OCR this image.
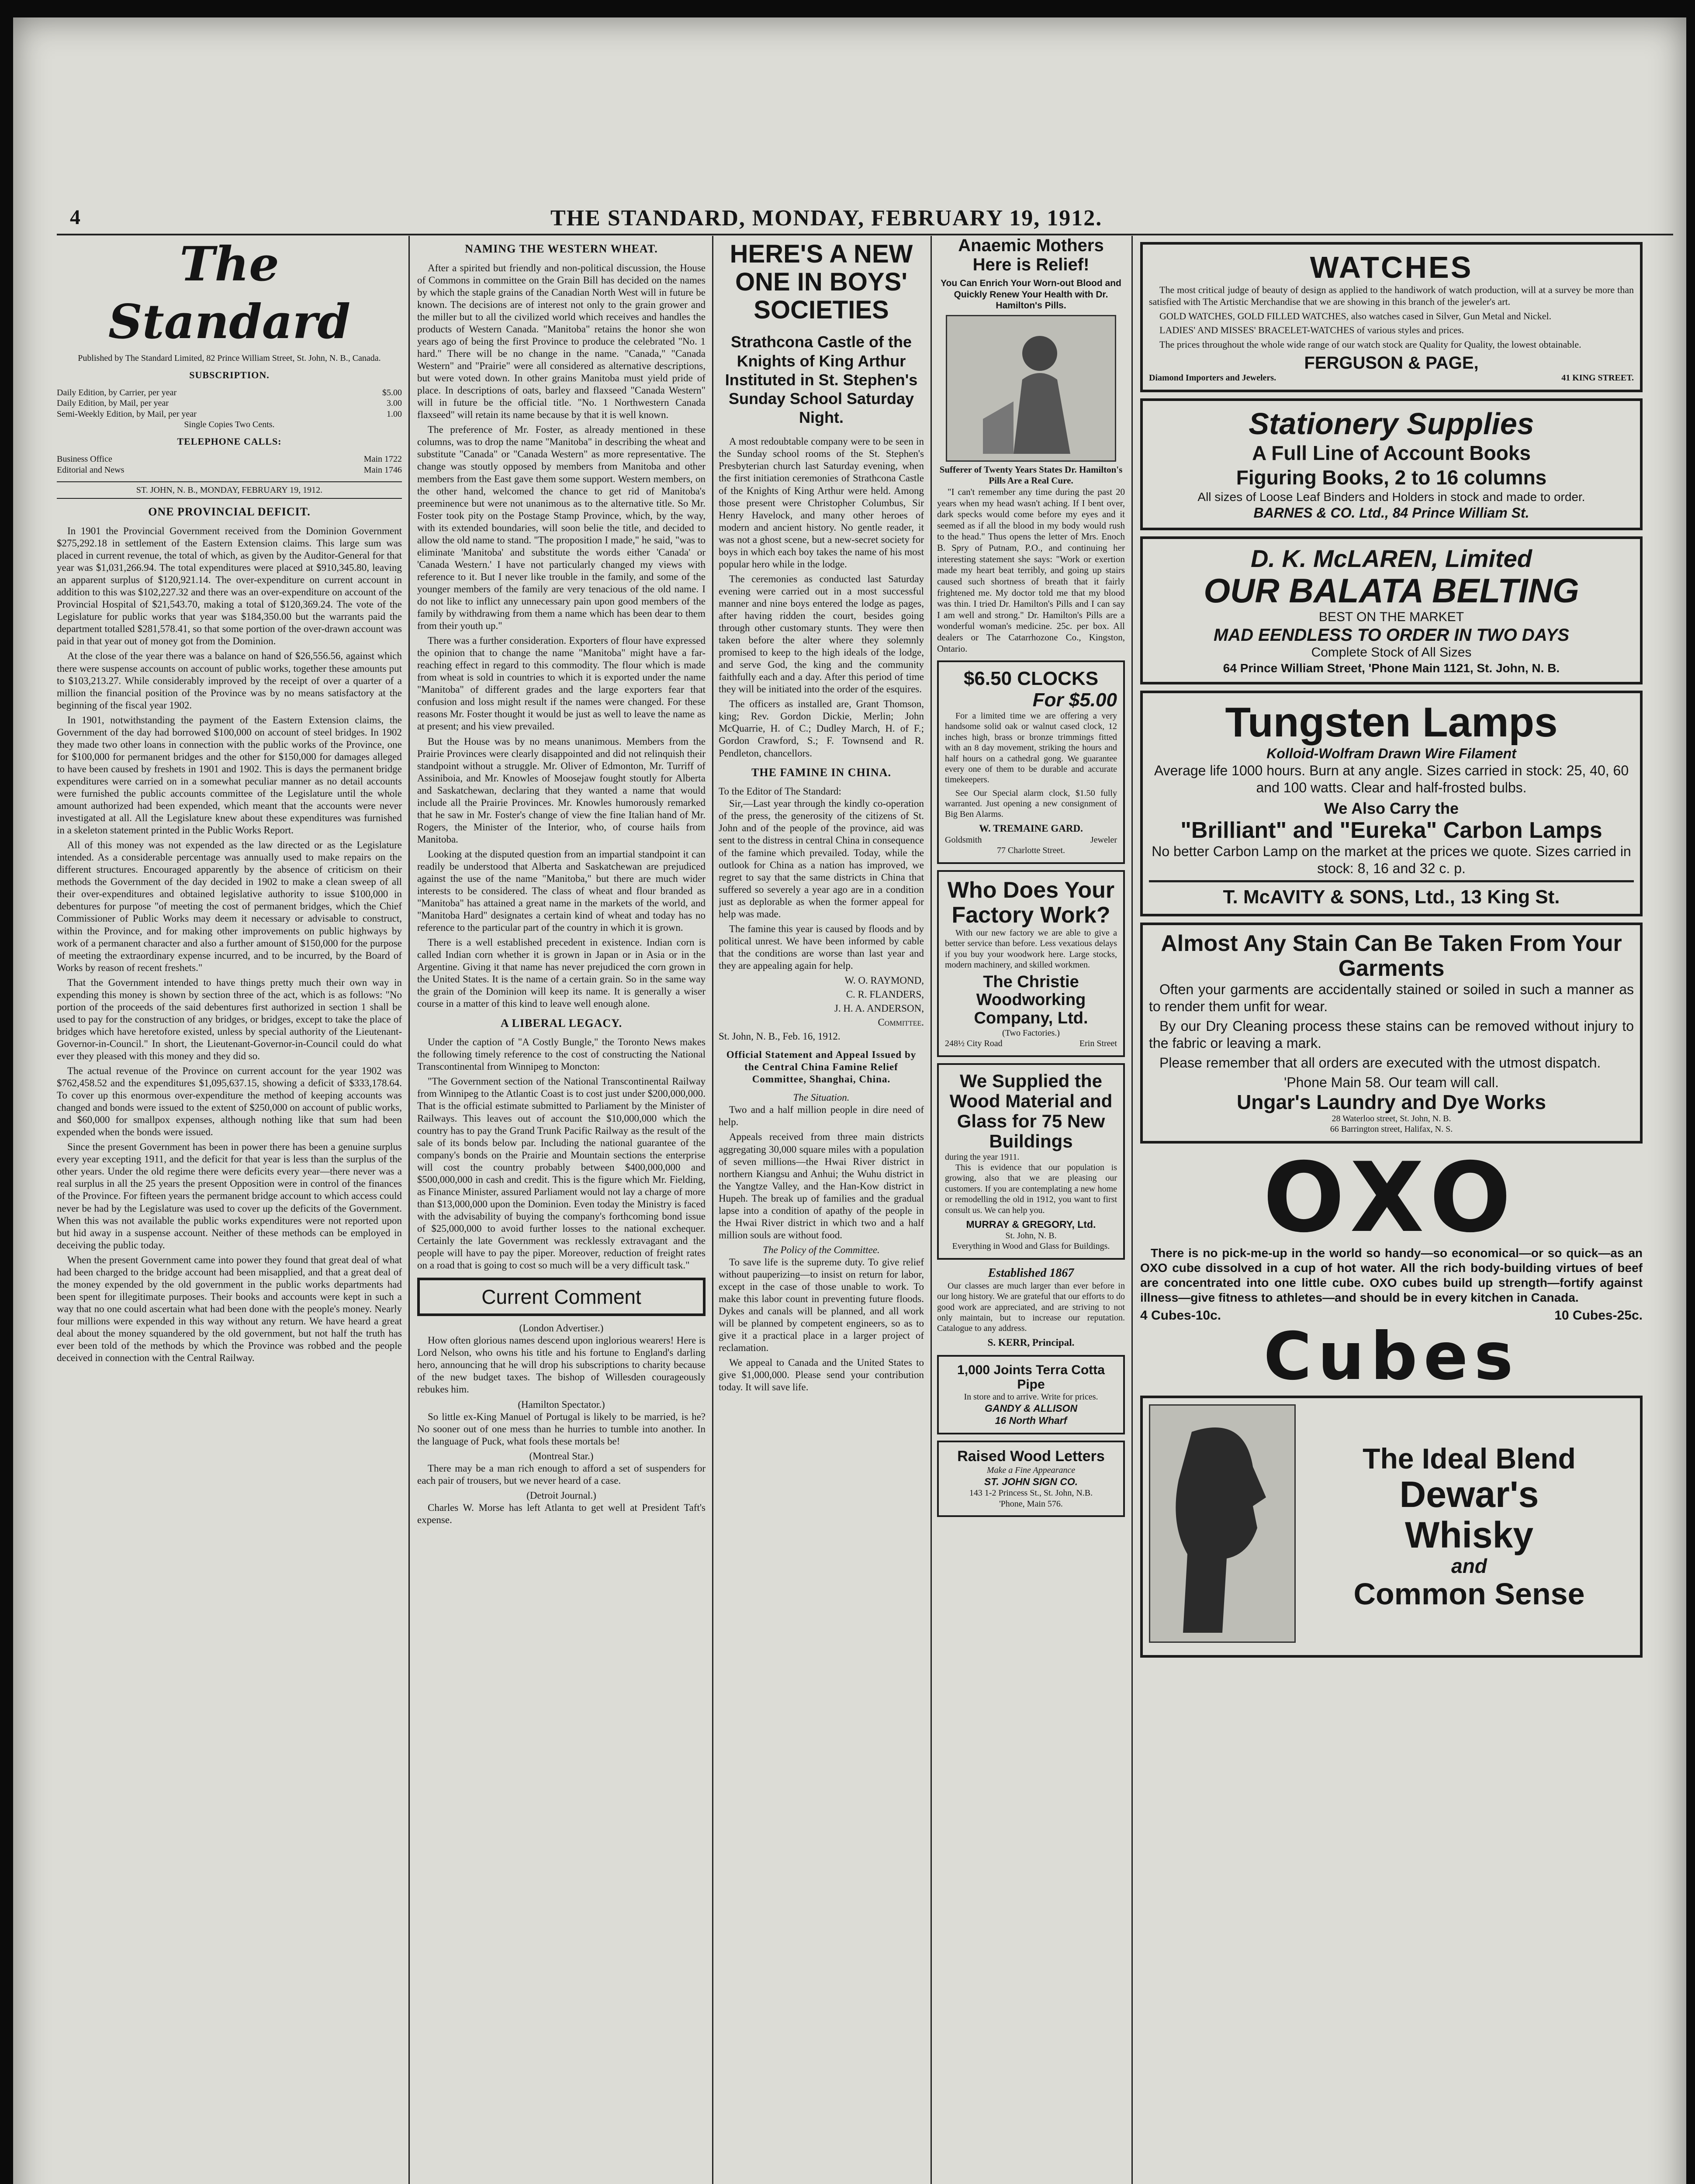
4	THE STANDARD, MONDAY, FEBRUARY 19, 1912.
The Standard
Published by The Standard Limited, 82 Prince William Street, St. John, N. B., Canada.
SUBSCRIPTION.
Daily Edition, by Carrier, per year	$5.00
Daily Edition, by Mail, per year	3.00
Semi-Weekly Edition, by Mail, per year	1.00
Single Copies Two Cents.
TELEPHONE CALLS:
Business Office	Main 1722
Editorial and News	Main 1746
ST. JOHN, N. B., MONDAY, FEBRUARY 19, 1912.
ONE PROVINCIAL DEFICIT.

In 1901 the Provincial Government received from the Dominion Government $275,292.18 in settlement of the Eastern Extension claims. This large sum was placed in current revenue, the total of which, as given by the Auditor-General for that year was $1,031,266.94. The total expenditures were placed at $910,345.80, leaving an apparent surplus of $120,921.14. The over-expenditure on current account in addition to this was $102,227.32 and there was an over-expenditure on account of the Provincial Hospital of $21,543.70, making a total of $120,369.24. The vote of the Legislature for public works that year was $184,350.00 but the warrants paid the department totalled $281,578.41, so that some portion of the over-drawn account was paid in that year out of money got from the Dominion.

At the close of the year there was a balance on hand of $26,556.56, against which there were suspense accounts on account of public works, together these amounts put to $103,213.27. While considerably improved by the receipt of over a quarter of a million the financial position of the Province was by no means satisfactory at the beginning of the fiscal year 1902.

In 1901, notwithstanding the payment of the Eastern Extension claims, the Government of the day had borrowed $100,000 on account of steel bridges. In 1902 they made two other loans in connection with the public works of the Province, one for $100,000 for permanent bridges and the other for $150,000 for damages alleged to have been caused by freshets in 1901 and 1902. This is days the permanent bridge expenditures were carried on in a somewhat peculiar manner as no detail accounts were furnished the public accounts committee of the Legislature until the whole amount authorized had been expended, which meant that the accounts were never investigated at all. All the Legislature knew about these expenditures was furnished in a skeleton statement printed in the Public Works Report.

All of this money was not expended as the law directed or as the Legislature intended. As a considerable percentage was annually used to make repairs on the different structures. Encouraged apparently by the absence of criticism on their methods the Government of the day decided in 1902 to make a clean sweep of all their over-expenditures and obtained legislative authority to issue $100,000 in debentures for purpose "of meeting the cost of permanent bridges, which the Chief Commissioner of Public Works may deem it necessary or advisable to construct, within the Province, and for making other improvements on public highways by work of a permanent character and also a further amount of $150,000 for the purpose of meeting the extraordinary expense incurred, and to be incurred, by the Board of Works by reason of recent freshets."

That the Government intended to have things pretty much their own way in expending this money is shown by section three of the act, which is as follows: "No portion of the proceeds of the said debentures first authorized in section 1 shall be used to pay for the construction of any bridges, or bridges, except to take the place of bridges which have heretofore existed, unless by special authority of the Lieutenant-Governor-in-Council." In short, the Lieutenant-Governor-in-Council could do what ever they pleased with this money and they did so.

The actual revenue of the Province on current account for the year 1902 was $762,458.52 and the expenditures $1,095,637.15, showing a deficit of $333,178.64. To cover up this enormous over-expenditure the method of keeping accounts was changed and bonds were issued to the extent of $250,000 on account of public works, and $60,000 for smallpox expenses, although nothing like that sum had been expended when the bonds were issued.

Since the present Government has been in power there has been a genuine surplus every year excepting 1911, and the deficit for that year is less than the surplus of the other years. Under the old regime there were deficits every year—there never was a real surplus in all the 25 years the present Opposition were in control of the finances of the Province. For fifteen years the permanent bridge account to which access could never be had by the Legislature was used to cover up the deficits of the Government. When this was not available the public works expenditures were not reported upon but hid away in a suspense account. Neither of these methods can be employed in deceiving the public today.

When the present Government came into power they found that great deal of what had been charged to the bridge account had been misapplied, and that a great deal of the money expended by the old government in the public works departments had been spent for illegitimate purposes. Their books and accounts were kept in such a way that no one could ascertain what had been done with the people's money. Nearly four millions were expended in this way without any return. We have heard a great deal about the money squandered by the old government, but not half the truth has ever been told of the methods by which the Province was robbed and the people deceived in connection with the Central Railway.

NAMING THE WESTERN WHEAT.

After a spirited but friendly and non-political discussion, the House of Commons in committee on the Grain Bill has decided on the names by which the staple grains of the Canadian North West will in future be known. The decisions are of interest not only to the grain grower and the miller but to all the civilized world which receives and handles the products of Western Canada. "Manitoba" retains the honor she won years ago of being the first Province to produce the celebrated "No. 1 hard." There will be no change in the name. "Canada," "Canada Western" and "Prairie" were all considered as alternative descriptions, but were voted down. In other grains Manitoba must yield pride of place. In descriptions of oats, barley and flaxseed "Canada Western" will in future be the official title. "No. 1 Northwestern Canada flaxseed" will retain its name because by that it is well known.

The preference of Mr. Foster, as already mentioned in these columns, was to drop the name "Manitoba" in describing the wheat and substitute "Canada" or "Canada Western" as more representative. The change was stoutly opposed by members from Manitoba and other members from the East gave them some support. Western members, on the other hand, welcomed the chance to get rid of Manitoba's preeminence but were not unanimous as to the alternative title. So Mr. Foster took pity on the Postage Stamp Province, which, by the way, with its extended boundaries, will soon belie the title, and decided to allow the old name to stand. "The proposition I made," he said, "was to eliminate 'Manitoba' and substitute the words either 'Canada' or 'Canada Western.' I have not particularly changed my views with reference to it. But I never like trouble in the family, and some of the younger members of the family are very tenacious of the old name. I do not like to inflict any unnecessary pain upon good members of the family by withdrawing from them a name which has been dear to them from their youth up."

There was a further consideration. Exporters of flour have expressed the opinion that to change the name "Manitoba" might have a far-reaching effect in regard to this commodity. The flour which is made from wheat is sold in countries to which it is exported under the name "Manitoba" of different grades and the large exporters fear that confusion and loss might result if the names were changed. For these reasons Mr. Foster thought it would be just as well to leave the name as at present; and his view prevailed.

But the House was by no means unanimous. Members from the Prairie Provinces were clearly disappointed and did not relinquish their standpoint without a struggle. Mr. Oliver of Edmonton, Mr. Turriff of Assiniboia, and Mr. Knowles of Moosejaw fought stoutly for Alberta and Saskatchewan, declaring that they wanted a name that would include all the Prairie Provinces. Mr. Knowles humorously remarked that he saw in Mr. Foster's change of view the fine Italian hand of Mr. Rogers, the Minister of the Interior, who, of course hails from Manitoba.

Looking at the disputed question from an impartial standpoint it can readily be understood that Alberta and Saskatchewan are prejudiced against the use of the name "Manitoba," but there are much wider interests to be considered. The class of wheat and flour branded as "Manitoba" has attained a great name in the markets of the world, and "Manitoba Hard" designates a certain kind of wheat and today has no reference to the particular part of the country in which it is grown.

There is a well established precedent in existence. Indian corn is called Indian corn whether it is grown in Japan or in Asia or in the Argentine. Giving it that name has never prejudiced the corn grown in the United States. It is the name of a certain grain. So in the same way the grain of the Dominion will keep its name. It is generally a wiser course in a matter of this kind to leave well enough alone.

A LIBERAL LEGACY.

Under the caption of "A Costly Bungle," the Toronto News makes the following timely reference to the cost of constructing the National Transcontinental from Winnipeg to Moncton:

"The Government section of the National Transcontinental Railway from Winnipeg to the Atlantic Coast is to cost just under $200,000,000. That is the official estimate submitted to Parliament by the Minister of Railways. This leaves out of account the $10,000,000 which the country has to pay the Grand Trunk Pacific Railway as the result of the sale of its bonds below par. Including the national guarantee of the company's bonds on the Prairie and Mountain sections the enterprise will cost the country probably between $400,000,000 and $500,000,000 in cash and credit. This is the figure which Mr. Fielding, as Finance Minister, assured Parliament would not lay a charge of more than $13,000,000 upon the Dominion. Even today the Ministry is faced with the advisability of buying the company's forthcoming bond issue of $25,000,000 to avoid further losses to the national exchequer. Certainly the late Government was recklessly extravagant and the people will have to pay the piper. Moreover, reduction of freight rates on a road that is going to cost so much will be a very difficult task."

Current Comment
(London Advertiser.)

How often glorious names descend upon inglorious wearers! Here is Lord Nelson, who owns his title and his fortune to England's darling hero, announcing that he will drop his subscriptions to charity because of the new budget taxes. The bishop of Willesden courageously rebukes him.

(Hamilton Spectator.)

So little ex-King Manuel of Portugal is likely to be married, is he? No sooner out of one mess than he hurries to tumble into another. In the language of Puck, what fools these mortals be!

(Montreal Star.)

There may be a man rich enough to afford a set of suspenders for each pair of trousers, but we never heard of a case.

(Detroit Journal.)

Charles W. Morse has left Atlanta to get well at President Taft's expense.

HERE'S A NEW ONE IN BOYS' SOCIETIES
Strathcona Castle of the Knights of King Arthur Instituted in St. Stephen's Sunday School Saturday Night.

A most redoubtable company were to be seen in the Sunday school rooms of the St. Stephen's Presbyterian church last Saturday evening, when the first initiation ceremonies of Strathcona Castle of the Knights of King Arthur were held. Among those present were Christopher Columbus, Sir Henry Havelock, and many other heroes of modern and ancient history. No gentle reader, it was not a ghost scene, but a new-secret society for boys in which each boy takes the name of his most popular hero while in the lodge.

The ceremonies as conducted last Saturday evening were carried out in a most successful manner and nine boys entered the lodge as pages, after having ridden the court, besides going through other customary stunts. They were then taken before the alter where they solemnly promised to keep to the high ideals of the lodge, and serve God, the king and the community faithfully each and a day. After this period of time they will be initiated into the order of the esquires.

The officers as installed are, Grant Thomson, king; Rev. Gordon Dickie, Merlin; John McQuarrie, H. of C.; Dudley March, H. of F.; Gordon Crawford, S.; F. Townsend and R. Pendleton, chancellors.

THE FAMINE IN CHINA.
To the Editor of The Standard:

Sir,—Last year through the kindly co-operation of the press, the generosity of the citizens of St. John and of the people of the province, aid was sent to the distress in central China in consequence of the famine which prevailed. Today, while the outlook for China as a nation has improved, we regret to say that the same districts in China that suffered so severely a year ago are in a condition just as deplorable as when the former appeal for help was made.

The famine this year is caused by floods and by political unrest. We have been informed by cable that the conditions are worse than last year and they are appealing again for help.

W. O. RAYMOND,
C. R. FLANDERS,
J. H. A. ANDERSON,
Committee.
St. John, N. B., Feb. 16, 1912.
Official Statement and Appeal Issued by the Central China Famine Relief Committee, Shanghai, China.
The Situation.

Two and a half million people in dire need of help.

Appeals received from three main districts aggregating 30,000 square miles with a population of seven millions—the Hwai River district in northern Kiangsu and Anhui; the Wuhu district in the Yangtze Valley, and the Han-Kow district in Hupeh. The break up of families and the gradual lapse into a condition of apathy of the people in the Hwai River district in which two and a half million souls are without food.

The Policy of the Committee.

To save life is the supreme duty. To give relief without pauperizing—to insist on return for labor, except in the case of those unable to work. To make this labor count in preventing future floods. Dykes and canals will be planned, and all work will be planned by competent engineers, so as to give it a practical place in a larger project of reclamation.

We appeal to Canada and the United States to give $1,000,000. Please send your contribution today. It will save life.

Anaemic Mothers Here is Relief!
You Can Enrich Your Worn-out Blood and Quickly Renew Your Health with Dr. Hamilton's Pills.
Sufferer of Twenty Years States Dr. Hamilton's Pills Are a Real Cure.

"I can't remember any time during the past 20 years when my head wasn't aching. If I bent over, dark specks would come before my eyes and it seemed as if all the blood in my body would rush to the head." Thus opens the letter of Mrs. Enoch B. Spry of Putnam, P.O., and continuing her interesting statement she says: "Work or exertion made my heart beat terribly, and going up stairs caused such shortness of breath that it fairly frightened me. My doctor told me that my blood was thin. I tried Dr. Hamilton's Pills and I can say I am well and strong." Dr. Hamilton's Pills are a wonderful woman's medicine. 25c. per box. All dealers or The Catarrhozone Co., Kingston, Ontario.

$6.50 CLOCKS
For $5.00

For a limited time we are offering a very handsome solid oak or walnut cased clock, 12 inches high, brass or bronze trimmings fitted with an 8 day movement, striking the hours and half hours on a cathedral gong. We guarantee every one of them to be durable and accurate timekeepers.

See Our Special alarm clock, $1.50 fully warranted. Just opening a new consignment of Big Ben Alarms.

W. TREMAINE GARD.
Goldsmith	Jeweler
77 Charlotte Street.
Who Does Your Factory Work?

With our new factory we are able to give a better service than before. Less vexatious delays if you buy your woodwork here. Large stocks, modern machinery, and skilled workmen.

The Christie Woodworking Company, Ltd.
(Two Factories.)
248½ City Road	Erin Street
We Supplied the Wood Material and Glass for 75 New Buildings
during the year 1911.

This is evidence that our population is growing, also that we are pleasing our customers. If you are contemplating a new home or remodelling the old in 1912, you want to first consult us. We can help you.

MURRAY & GREGORY, Ltd.
St. John, N. B.
Everything in Wood and Glass for Buildings.
Established 1867

Our classes are much larger than ever before in our long history. We are grateful that our efforts to do good work are appreciated, and are striving to not only maintain, but to increase our reputation. Catalogue to any address.

S. KERR, Principal.
1,000 Joints Terra Cotta Pipe
In store and to arrive. Write for prices.
GANDY & ALLISON
16 North Wharf
Raised Wood Letters
Make a Fine Appearance
ST. JOHN SIGN CO.
143 1-2 Princess St., St. John, N.B.
'Phone, Main 576.
WATCHES

The most critical judge of beauty of design as applied to the handiwork of watch production, will at a survey be more than satisfied with The Artistic Merchandise that we are showing in this branch of the jeweler's art.

GOLD WATCHES, GOLD FILLED WATCHES, also watches cased in Silver, Gun Metal and Nickel.

LADIES' AND MISSES' BRACELET-WATCHES of various styles and prices.

The prices throughout the whole wide range of our watch stock are Quality for Quality, the lowest obtainable.

FERGUSON & PAGE,
Diamond Importers and Jewelers.	41 KING STREET.
Stationery Supplies
A Full Line of Account Books
Figuring Books, 2 to 16 columns
All sizes of Loose Leaf Binders and Holders in stock and made to order.
BARNES & CO. Ltd., 84 Prince William St.
D. K. McLAREN, Limited
OUR BALATA BELTING
BEST ON THE MARKET
MAD EENDLESS TO ORDER IN TWO DAYS
Complete Stock of All Sizes
64 Prince William Street, 'Phone Main 1121, St. John, N. B.
Tungsten Lamps
Kolloid-Wolfram Drawn Wire Filament

Average life 1000 hours. Burn at any angle. Sizes carried in stock: 25, 40, 60 and 100 watts. Clear and half-frosted bulbs.

We Also Carry the
"Brilliant" and "Eureka" Carbon Lamps

No better Carbon Lamp on the market at the prices we quote. Sizes carried in stock: 8, 16 and 32 c. p.

T. McAVITY & SONS, Ltd., 13 King St.
Almost Any Stain Can Be Taken From Your Garments

Often your garments are accidentally stained or soiled in such a manner as to render them unfit for wear.

By our Dry Cleaning process these stains can be removed without injury to the fabric or leaving a mark.

Please remember that all orders are executed with the utmost dispatch.

'Phone Main 58. Our team will call.
Ungar's Laundry and Dye Works
28 Waterloo street, St. John, N. B.
66 Barrington street, Halifax, N. S.
OXO

There is no pick-me-up in the world so handy—so economical—or so quick—as an OXO cube dissolved in a cup of hot water. All the rich body-building virtues of beef are concentrated into one little cube. OXO cubes build up strength—fortify against illness—give fitness to athletes—and should be in every kitchen in Canada.

4 Cubes-10c.	10 Cubes-25c.
Cubes
The Ideal Blend
Dewar's
Whisky
and
Common Sense
